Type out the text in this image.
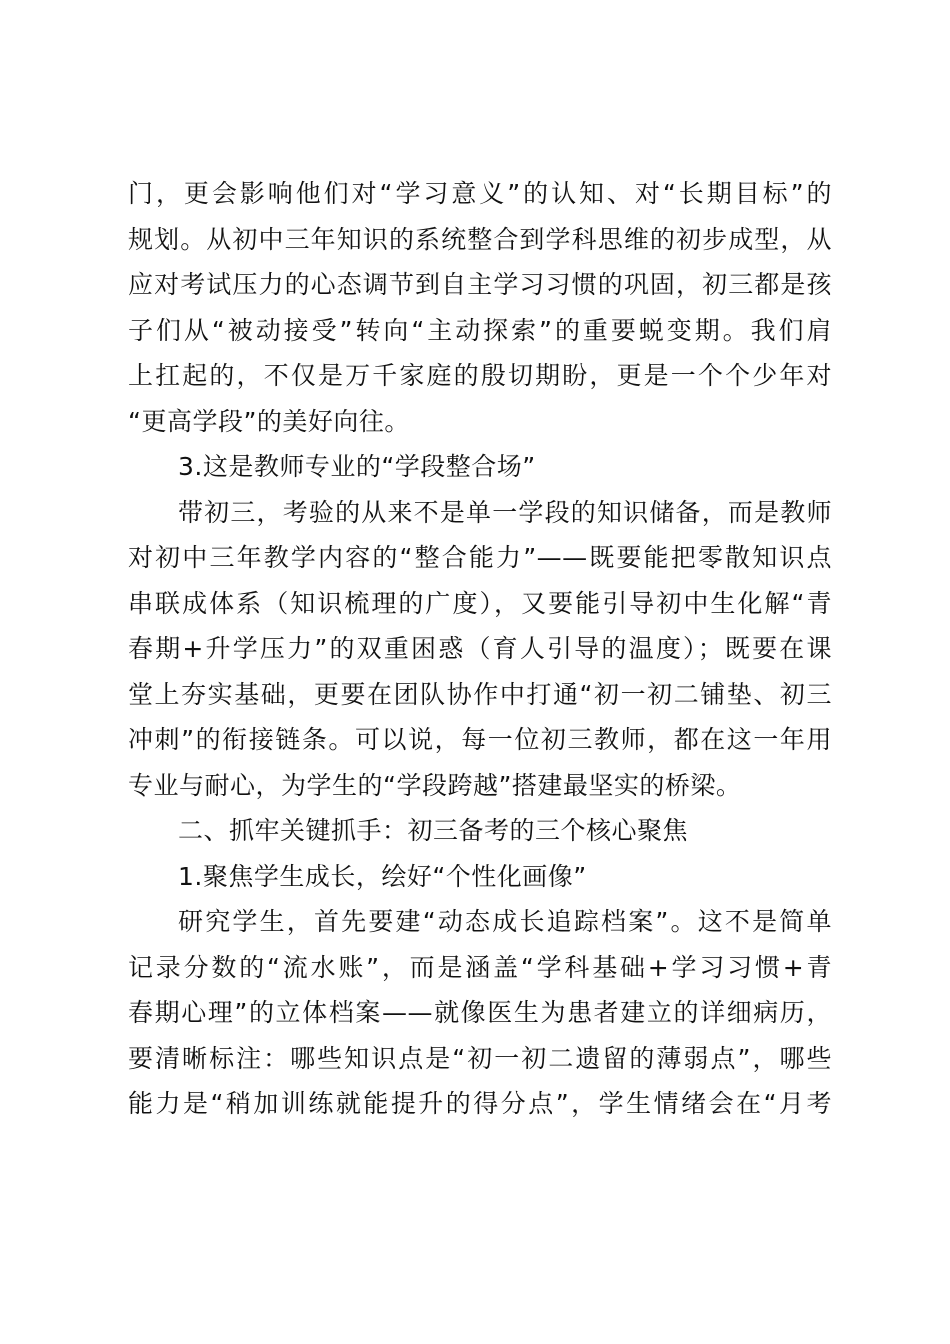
门，更会影响他们对“学习意义”的认知、对“长期目标”的
规划。从初中三年知识的系统整合到学科思维的初步成型，从
应对考试压力的心态调节到自主学习习惯的巩固，初三都是孩
子们从“被动接受”转向“主动探索”的重要蜕变期。我们肩
上扛起的，不仅是万千家庭的殷切期盼，更是一个个少年对
“更高学段”的美好向往。
3.这是教师专业的“学段整合场”
带初三，考验的从来不是单一学段的知识储备，而是教师
对初中三年教学内容的“整合能力”——既要能把零散知识点
串联成体系（知识梳理的广度），又要能引导初中生化解“青
春期+升学压力”的双重困惑（育人引导的温度）；既要在课
堂上夯实基础，更要在团队协作中打通“初一初二铺垫、初三
冲刺”的衔接链条。可以说，每一位初三教师，都在这一年用
专业与耐心，为学生的“学段跨越”搭建最坚实的桥梁。
二、抓牢关键抓手：初三备考的三个核心聚焦
1.聚焦学生成长，绘好“个性化画像”
研究学生，首先要建“动态成长追踪档案”。这不是简单
记录分数的“流水账”，而是涵盖“学科基础+学习习惯+青
春期心理”的立体档案——就像医生为患者建立的详细病历，
要清晰标注：哪些知识点是“初一初二遗留的薄弱点”，哪些
能力是“稍加训练就能提升的得分点”，学生情绪会在“月考
